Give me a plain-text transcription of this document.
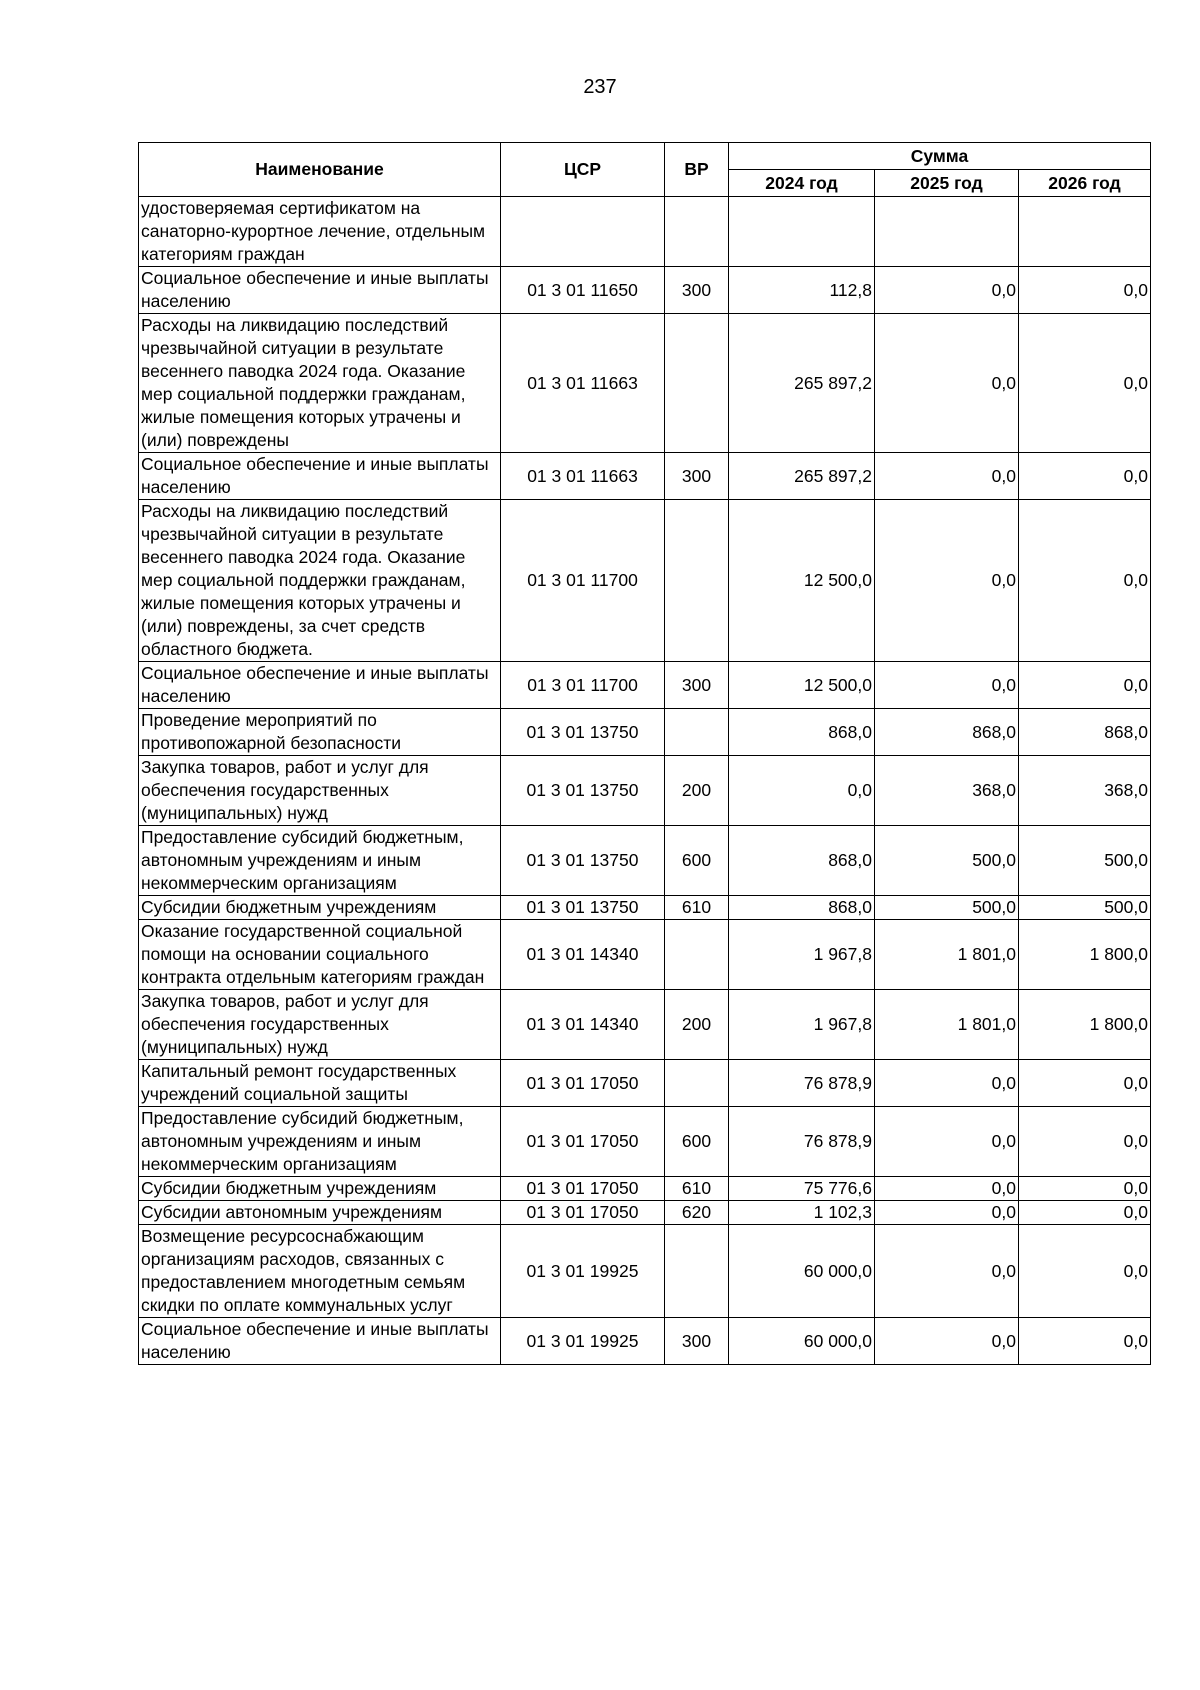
237
Наименование	ЦСР	ВР	Сумма		
			2024 год	2025 год	2026 год
удостоверяемая сертификатом на санаторно-курортное лечение, отдельным категориям граждан					
Социальное обеспечение и иные выплаты населению	01 3 01 11650	300	112,8	0,0	0,0
Расходы на ликвидацию последствий чрезвычайной ситуации в результате весеннего паводка 2024 года. Оказание мер социальной поддержки гражданам, жилые помещения которых утрачены и (или) повреждены	01 3 01 11663		265 897,2	0,0	0,0
Социальное обеспечение и иные выплаты населению	01 3 01 11663	300	265 897,2	0,0	0,0
Расходы на ликвидацию последствий чрезвычайной ситуации в результате весеннего паводка 2024 года. Оказание мер социальной поддержки гражданам, жилые помещения которых утрачены и (или) повреждены, за счет средств областного бюджета.	01 3 01 11700		12 500,0	0,0	0,0
Социальное обеспечение и иные выплаты населению	01 3 01 11700	300	12 500,0	0,0	0,0
Проведение мероприятий по противопожарной безопасности	01 3 01 13750		868,0	868,0	868,0
Закупка товаров, работ и услуг для обеспечения государственных (муниципальных) нужд	01 3 01 13750	200	0,0	368,0	368,0
Предоставление субсидий бюджетным, автономным учреждениям и иным некоммерческим организациям	01 3 01 13750	600	868,0	500,0	500,0
Субсидии бюджетным учреждениям	01 3 01 13750	610	868,0	500,0	500,0
Оказание государственной социальной помощи на основании социального контракта отдельным категориям граждан	01 3 01 14340		1 967,8	1 801,0	1 800,0
Закупка товаров, работ и услуг для обеспечения государственных (муниципальных) нужд	01 3 01 14340	200	1 967,8	1 801,0	1 800,0
Капитальный ремонт государственных учреждений социальной защиты	01 3 01 17050		76 878,9	0,0	0,0
Предоставление субсидий бюджетным, автономным учреждениям и иным некоммерческим организациям	01 3 01 17050	600	76 878,9	0,0	0,0
Субсидии бюджетным учреждениям	01 3 01 17050	610	75 776,6	0,0	0,0
Субсидии автономным учреждениям	01 3 01 17050	620	1 102,3	0,0	0,0
Возмещение ресурсоснабжающим организациям расходов, связанных с предоставлением многодетным семьям скидки по оплате коммунальных услуг	01 3 01 19925		60 000,0	0,0	0,0
Социальное обеспечение и иные выплаты населению	01 3 01 19925	300	60 000,0	0,0	0,0
